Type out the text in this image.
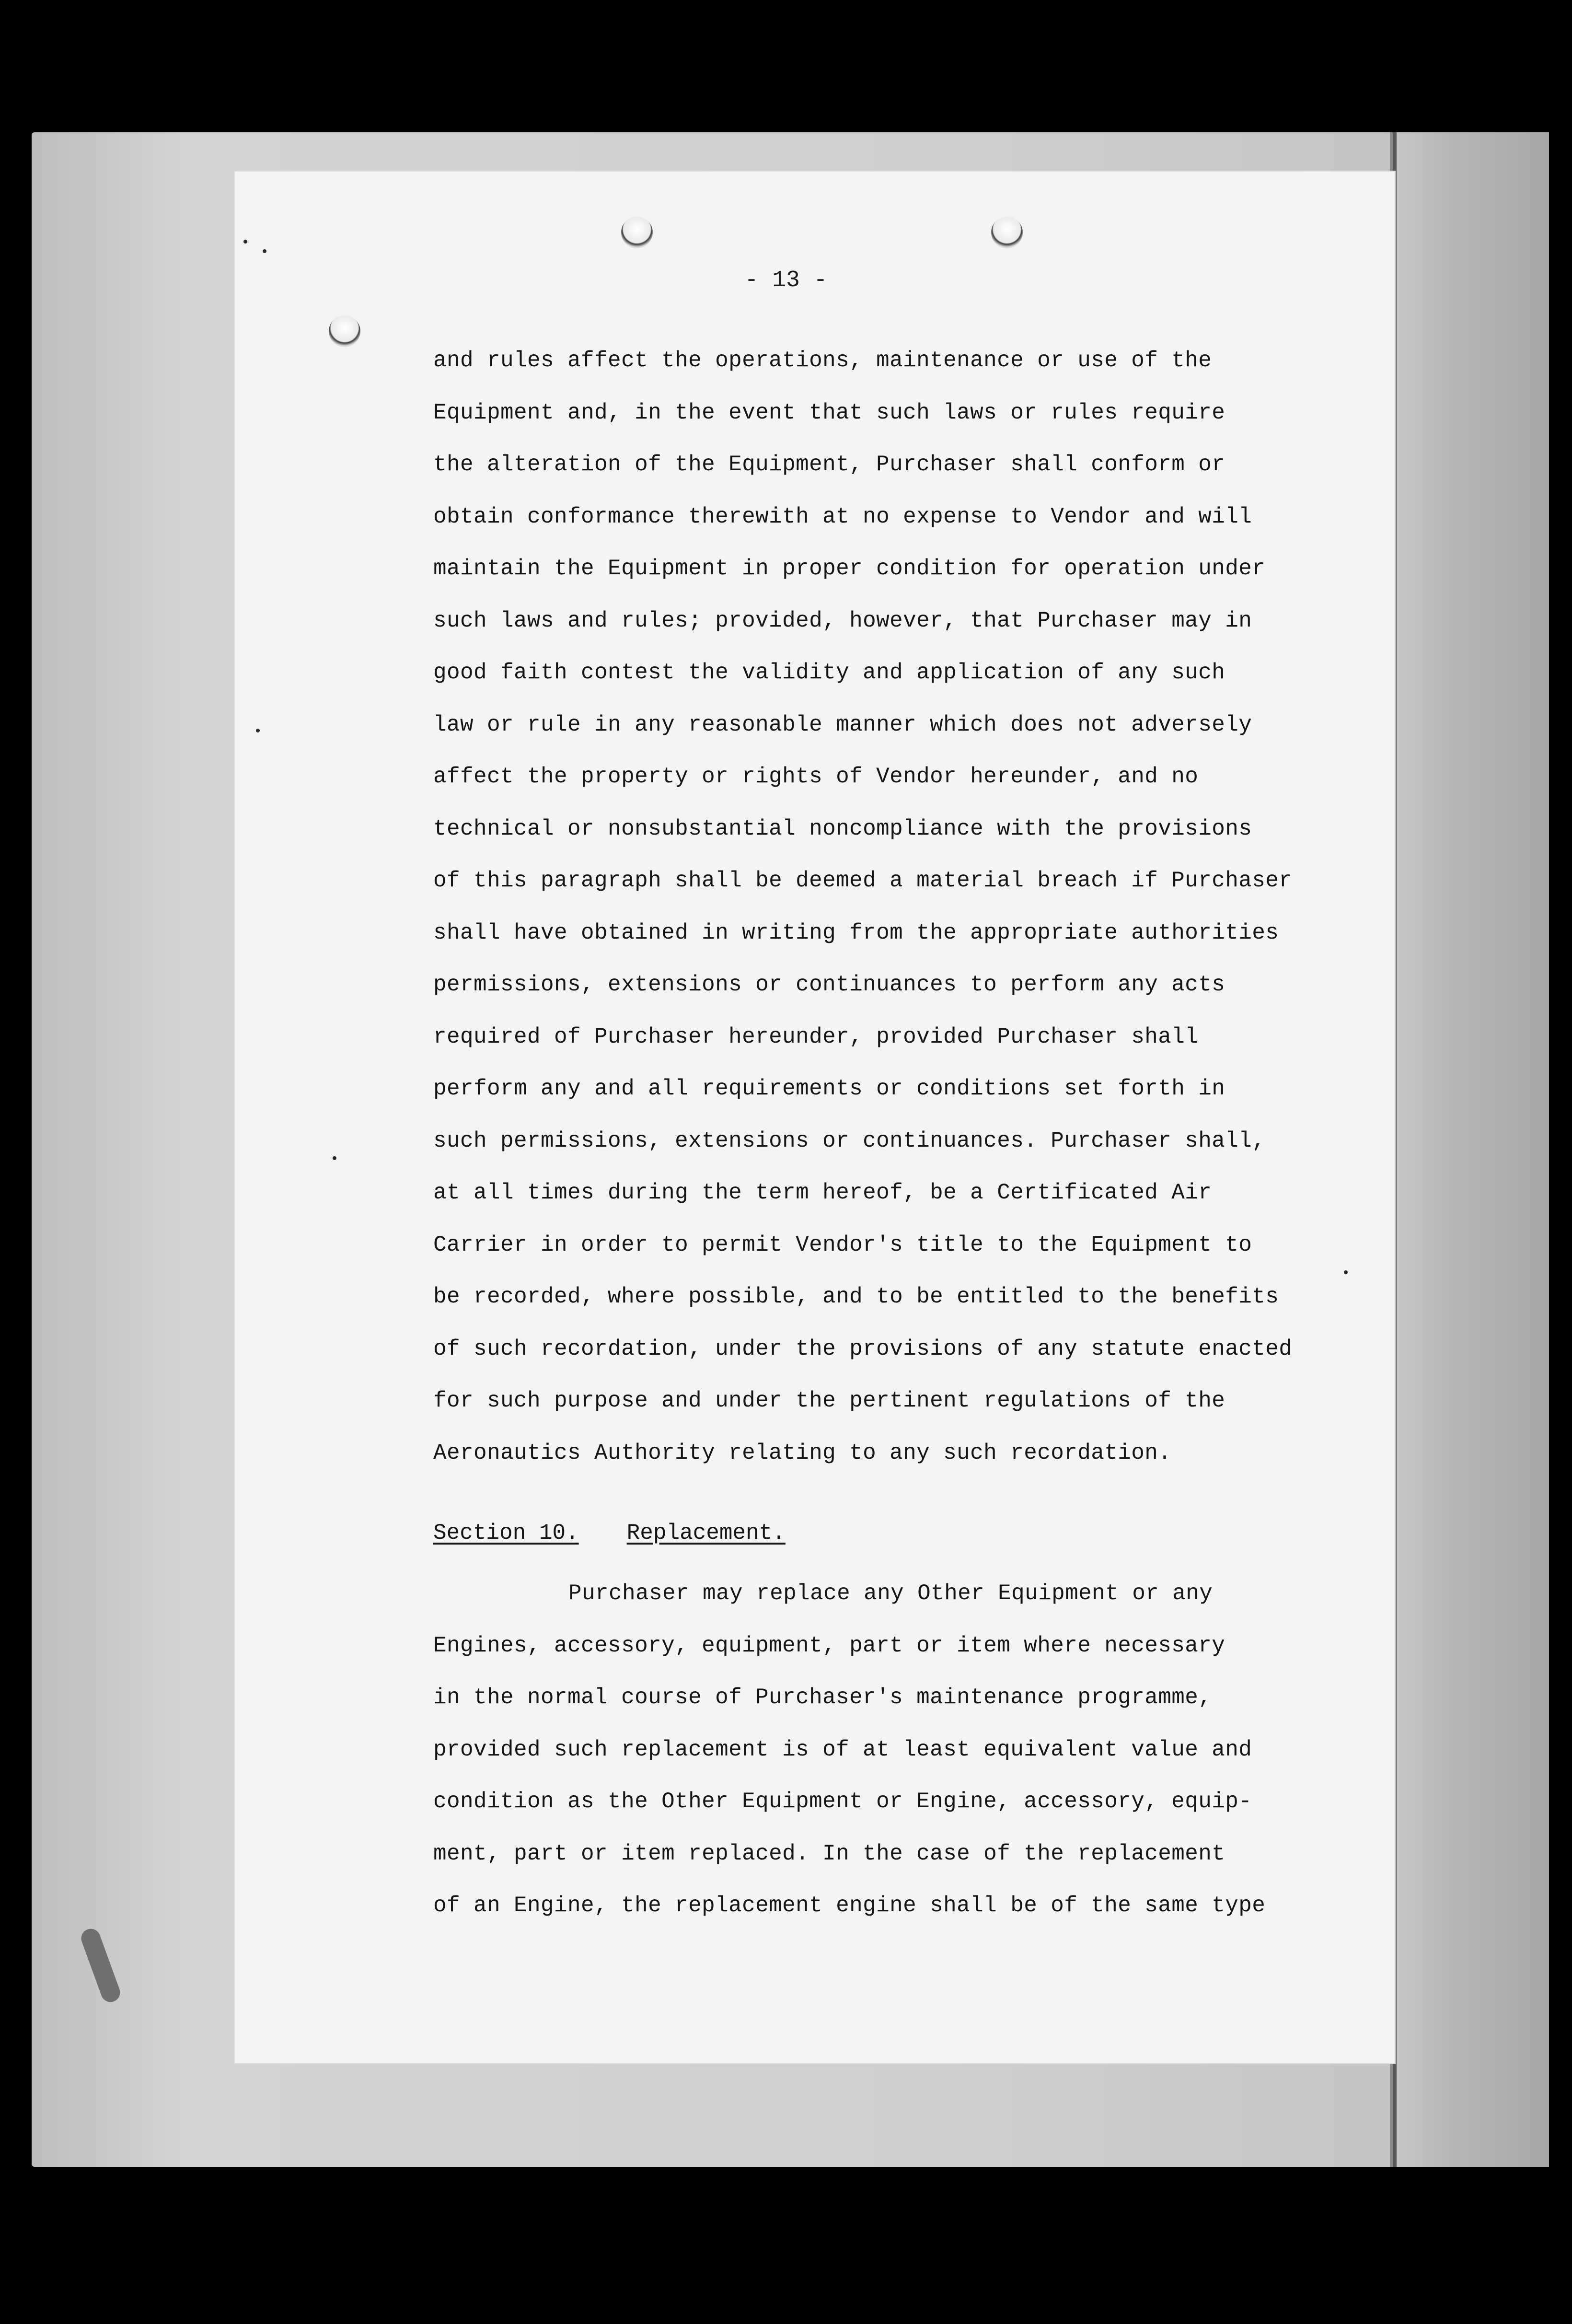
- 13 -
and rules affect the operations, maintenance or use of the
Equipment and, in the event that such laws or rules require
the alteration of the Equipment, Purchaser shall conform or
obtain conformance therewith at no expense to Vendor and will
maintain the Equipment in proper condition for operation under
such laws and rules; provided, however, that Purchaser may in
good faith contest the validity and application of any such
law or rule in any reasonable manner which does not adversely
affect the property or rights of Vendor hereunder, and no
technical or nonsubstantial noncompliance with the provisions
of this paragraph shall be deemed a material breach if Purchaser
shall have obtained in writing from the appropriate authorities
permissions, extensions or continuances to perform any acts
required of Purchaser hereunder, provided Purchaser shall
perform any and all requirements or conditions set forth in
such permissions, extensions or continuances. Purchaser shall,
at all times during the term hereof, be a Certificated Air
Carrier in order to permit Vendor's title to the Equipment to
be recorded, where possible, and to be entitled to the benefits
of such recordation, under the provisions of any statute enacted
for such purpose and under the pertinent regulations of the
Aeronautics Authority relating to any such recordation.
Section 10. Replacement.
Purchaser may replace any Other Equipment or any
Engines, accessory, equipment, part or item where necessary
in the normal course of Purchaser's maintenance programme,
provided such replacement is of at least equivalent value and
condition as the Other Equipment or Engine, accessory, equip-
ment, part or item replaced. In the case of the replacement
of an Engine, the replacement engine shall be of the same type
